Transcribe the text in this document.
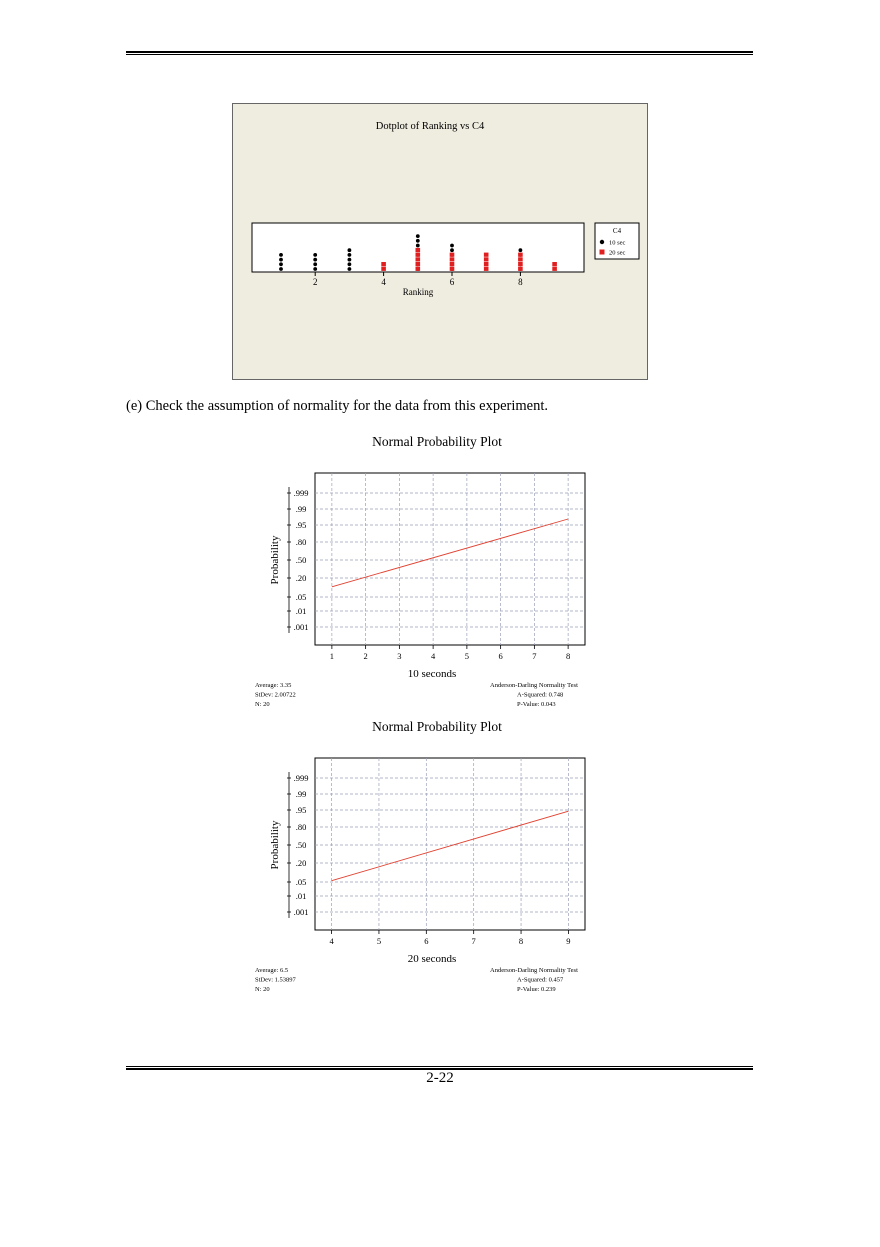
Dotplot of Ranking vs C4
2	4	6	8
Ranking
C4
10 sec
20 sec
(e) Check the assumption of normality for the data from this experiment.
Normal Probability Plot
.999
.99
.95
.80
.50
.20
.05
.01
.001
1	2	3	4	5	6	7	8
10 seconds
Probability
Average: 3.35
StDev: 2.00722
N: 20
Anderson-Darling Normality Test
A-Squared: 0.748
P-Value: 0.043
Normal Probability Plot
.999
.99
.95
.80
.50
.20
.05
.01
.001
4	5	6	7	8	9
20 seconds
Probability
Average: 6.5
StDev: 1.53897
N: 20
Anderson-Darling Normality Test
A-Squared: 0.457
P-Value: 0.239
2-22
